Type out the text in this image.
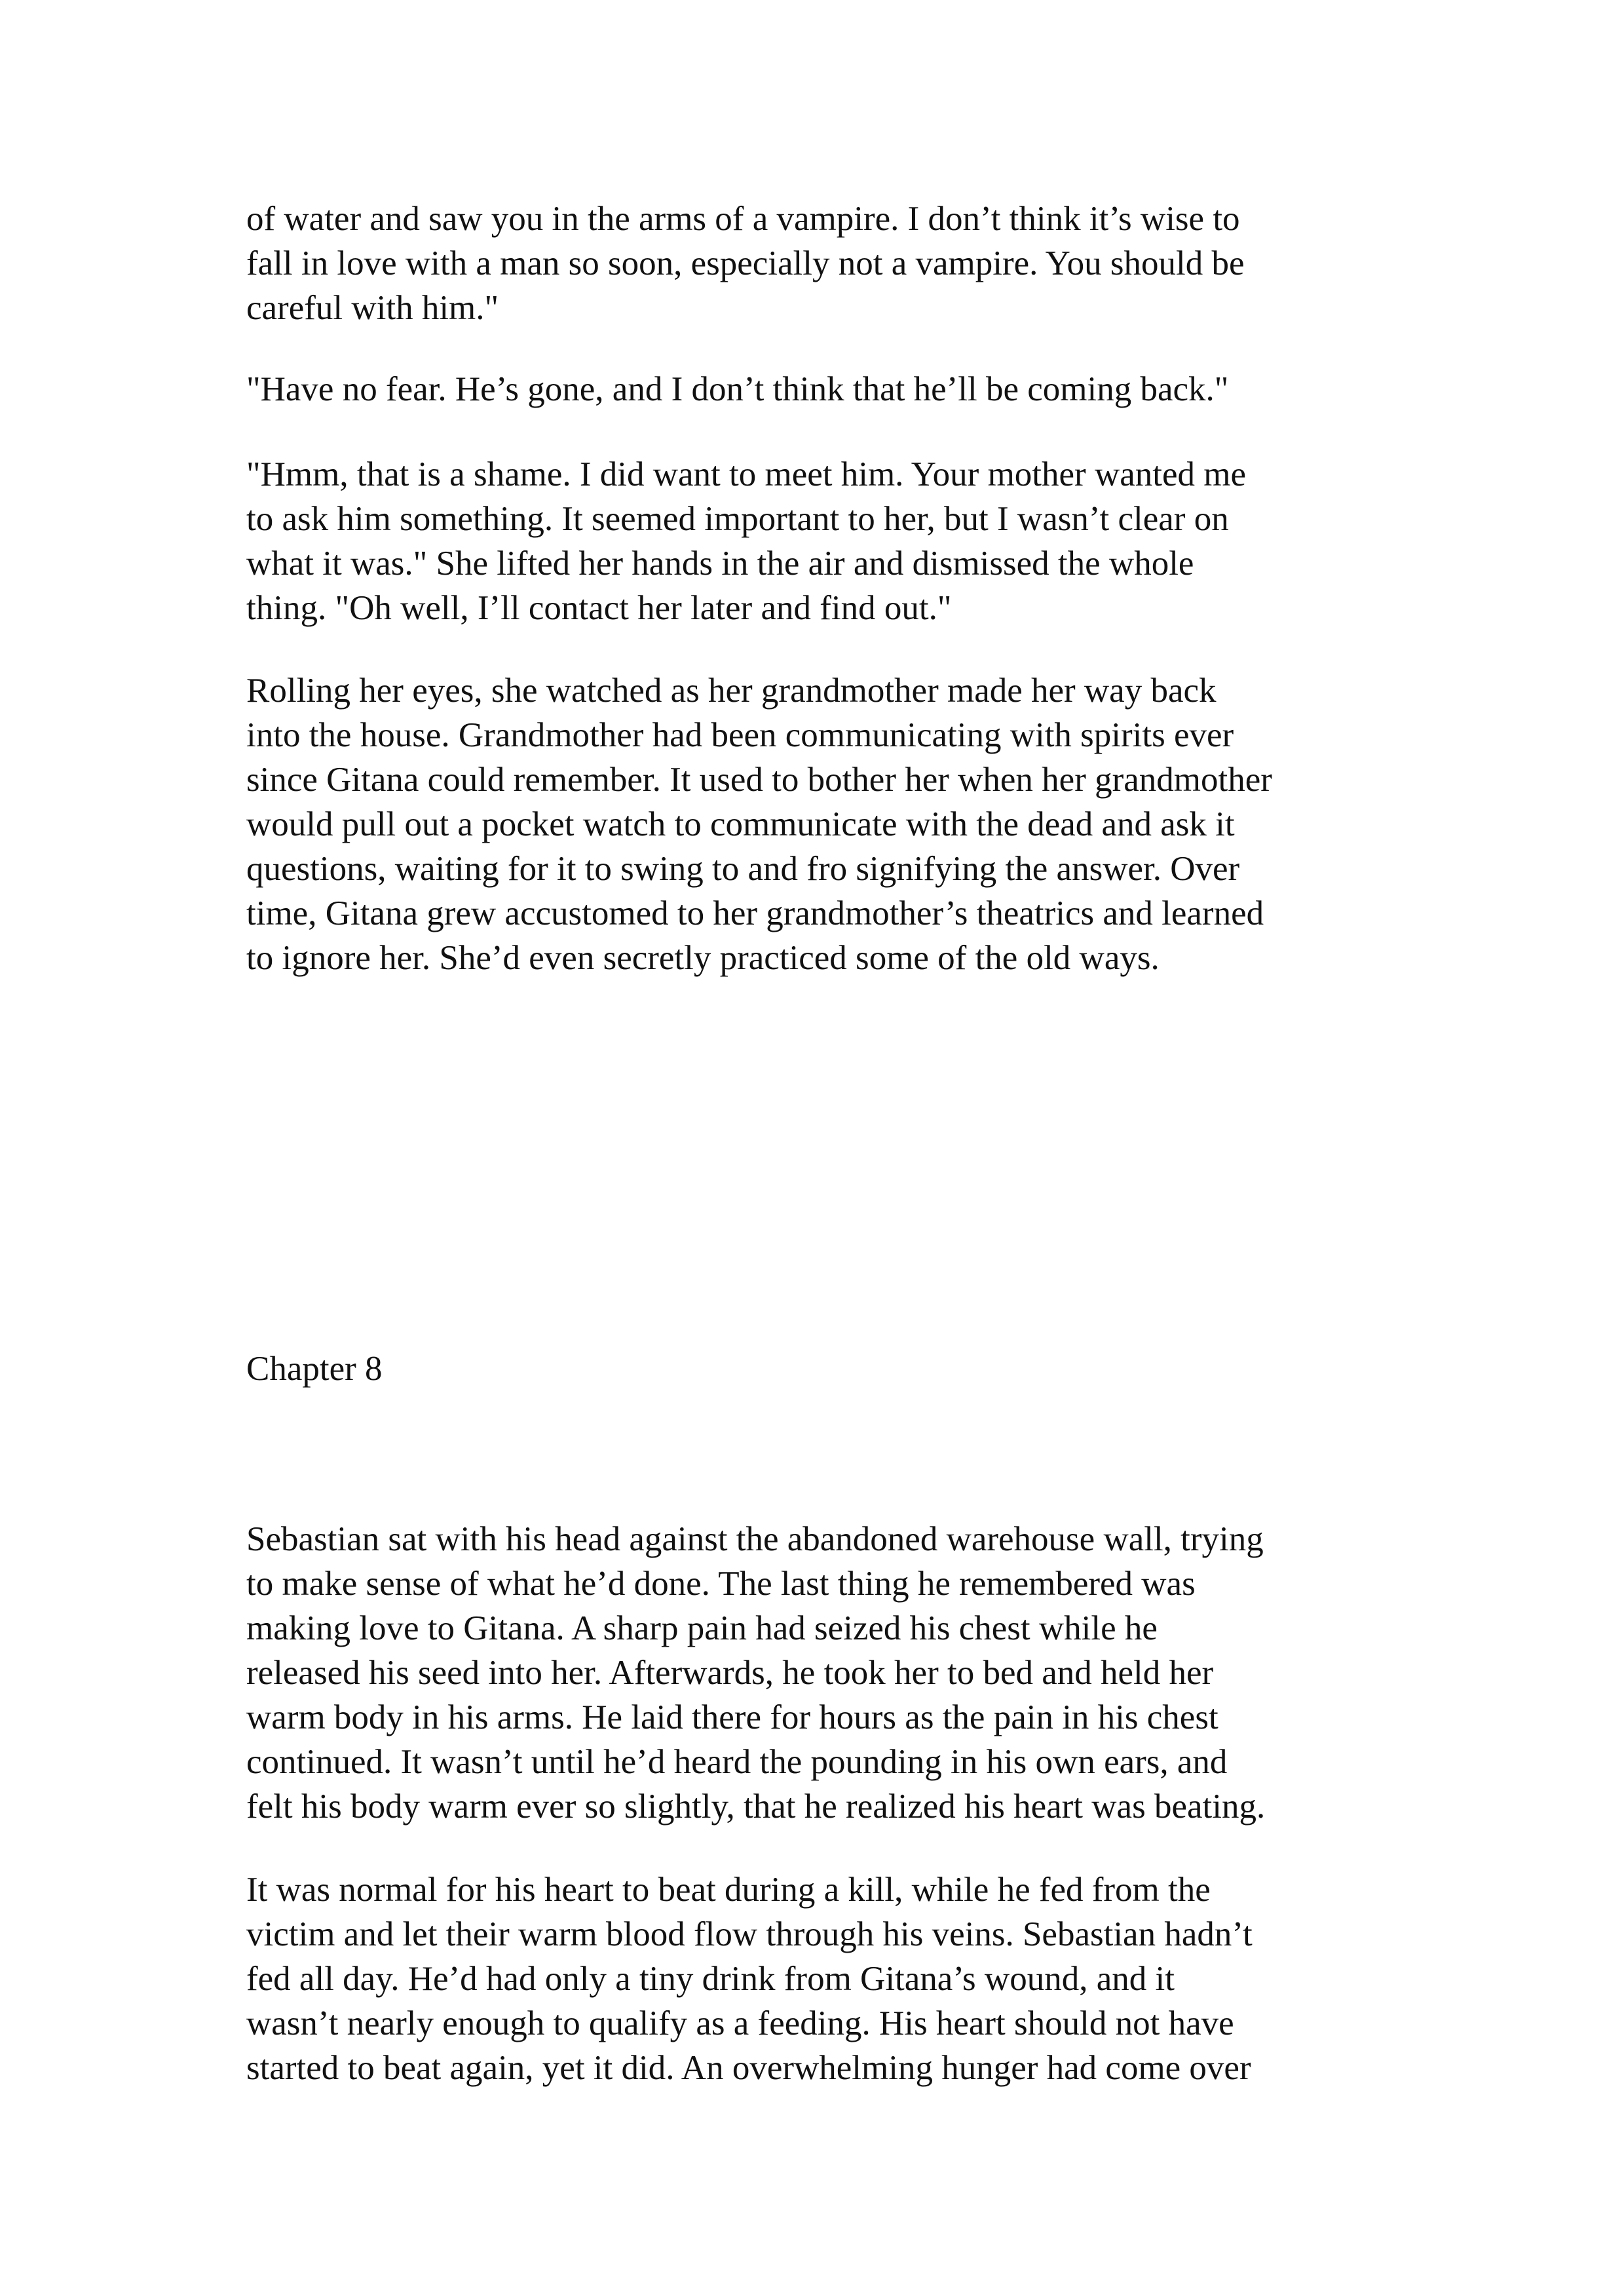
of water and saw you in the arms of a vampire. I don’t think it’s wise to
fall in love with a man so soon, especially not a vampire. You should be
careful with him."

"Have no fear. He’s gone, and I don’t think that he’ll be coming back."

"Hmm, that is a shame. I did want to meet him. Your mother wanted me
to ask him something. It seemed important to her, but I wasn’t clear on
what it was." She lifted her hands in the air and dismissed the whole
thing. "Oh well, I’ll contact her later and find out."

Rolling her eyes, she watched as her grandmother made her way back
into the house. Grandmother had been communicating with spirits ever
since Gitana could remember. It used to bother her when her grandmother
would pull out a pocket watch to communicate with the dead and ask it
questions, waiting for it to swing to and fro signifying the answer. Over
time, Gitana grew accustomed to her grandmother’s theatrics and learned
to ignore her. She’d even secretly practiced some of the old ways.

Chapter 8

Sebastian sat with his head against the abandoned warehouse wall, trying
to make sense of what he’d done. The last thing he remembered was
making love to Gitana. A sharp pain had seized his chest while he
released his seed into her. Afterwards, he took her to bed and held her
warm body in his arms. He laid there for hours as the pain in his chest
continued. It wasn’t until he’d heard the pounding in his own ears, and
felt his body warm ever so slightly, that he realized his heart was beating.

It was normal for his heart to beat during a kill, while he fed from the
victim and let their warm blood flow through his veins. Sebastian hadn’t
fed all day. He’d had only a tiny drink from Gitana’s wound, and it
wasn’t nearly enough to qualify as a feeding. His heart should not have
started to beat again, yet it did. An overwhelming hunger had come over
